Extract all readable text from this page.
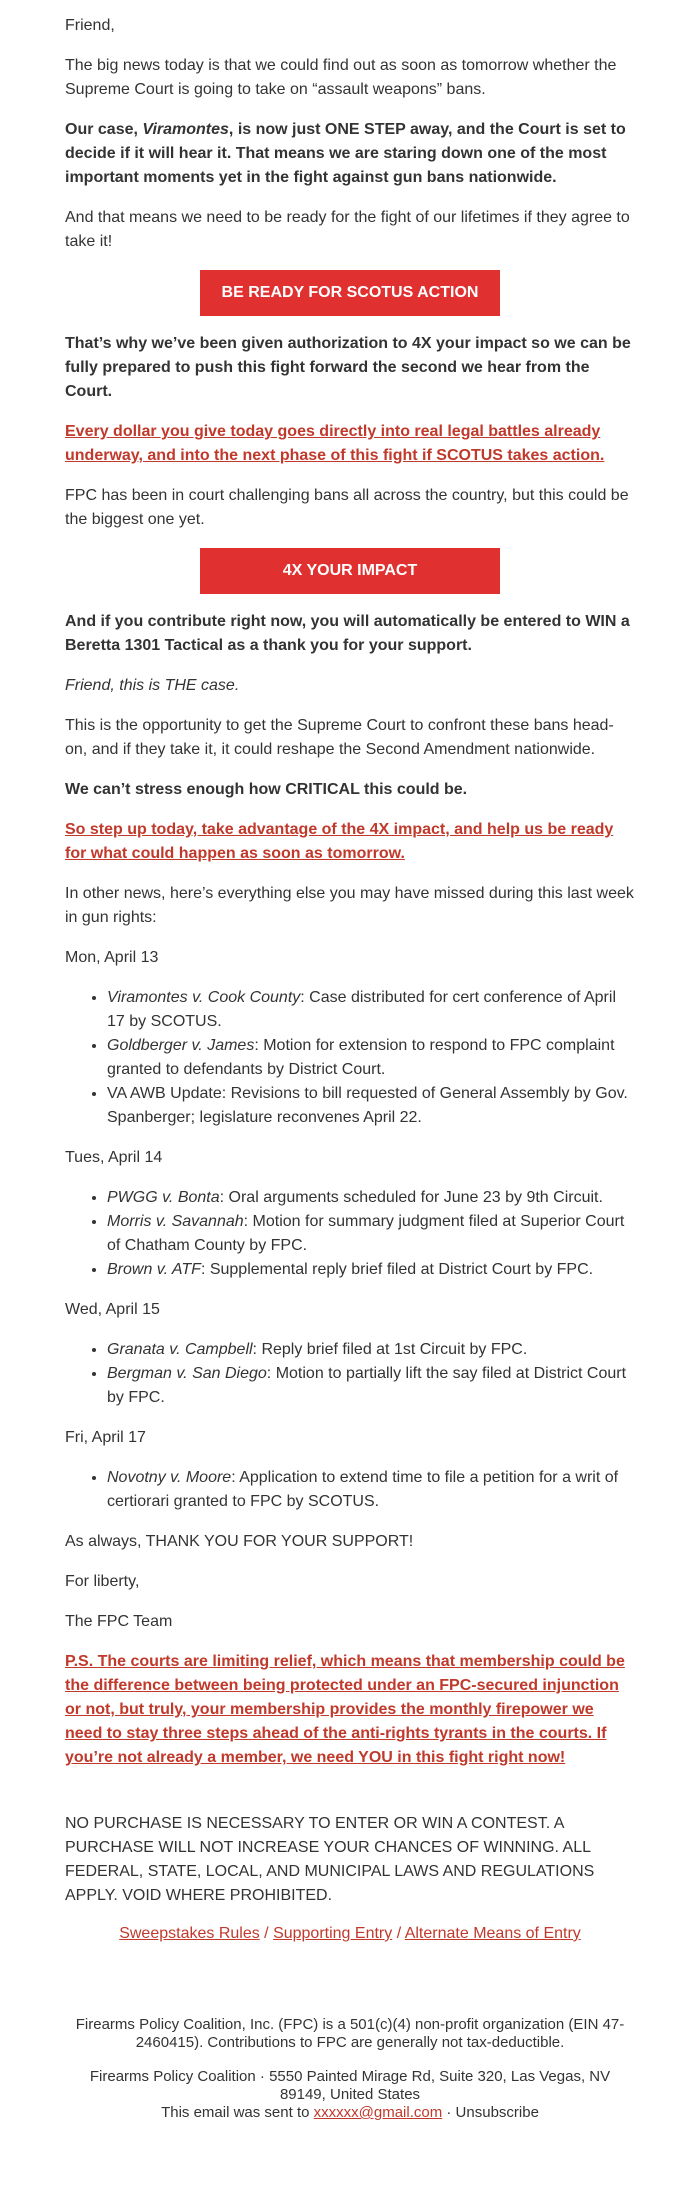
Friend,

The big news today is that we could find out as soon as tomorrow whether the Supreme Court is going to take on “assault weapons” bans.

Our case, Viramontes, is now just ONE STEP away, and the Court is set to decide if it will hear it. That means we are staring down one of the most important moments yet in the fight against gun bans nationwide.

And that means we need to be ready for the fight of our lifetimes if they agree to take it!

BE READY FOR SCOTUS ACTION

That’s why we’ve been given authorization to 4X your impact so we can be fully prepared to push this fight forward the second we hear from the Court.

Every dollar you give today goes directly into real legal battles already underway, and into the next phase of this fight if SCOTUS takes action.

FPC has been in court challenging bans all across the country, but this could be the biggest one yet.

4X YOUR IMPACT

And if you contribute right now, you will automatically be entered to WIN a Beretta 1301 Tactical as a thank you for your support.

Friend, this is THE case.

This is the opportunity to get the Supreme Court to confront these bans head-on, and if they take it, it could reshape the Second Amendment nationwide.

We can’t stress enough how CRITICAL this could be.

So step up today, take advantage of the 4X impact, and help us be ready for what could happen as soon as tomorrow.

In other news, here’s everything else you may have missed during this last week in gun rights:

Mon, April 13

• Viramontes v. Cook County: Case distributed for cert conference of April 17 by SCOTUS.
• Goldberger v. James: Motion for extension to respond to FPC complaint granted to defendants by District Court.
• VA AWB Update: Revisions to bill requested of General Assembly by Gov. Spanberger; legislature reconvenes April 22.

Tues, April 14

• PWGG v. Bonta: Oral arguments scheduled for June 23 by 9th Circuit.
• Morris v. Savannah: Motion for summary judgment filed at Superior Court of Chatham County by FPC.
• Brown v. ATF: Supplemental reply brief filed at District Court by FPC.

Wed, April 15

• Granata v. Campbell: Reply brief filed at 1st Circuit by FPC.
• Bergman v. San Diego: Motion to partially lift the say filed at District Court by FPC.

Fri, April 17

• Novotny v. Moore: Application to extend time to file a petition for a writ of certiorari granted to FPC by SCOTUS.

As always, THANK YOU FOR YOUR SUPPORT!

For liberty,

The FPC Team

P.S. The courts are limiting relief, which means that membership could be the difference between being protected under an FPC-secured injunction or not, but truly, your membership provides the monthly firepower we need to stay three steps ahead of the anti-rights tyrants in the courts. If you’re not already a member, we need YOU in this fight right now!

NO PURCHASE IS NECESSARY TO ENTER OR WIN A CONTEST. A PURCHASE WILL NOT INCREASE YOUR CHANCES OF WINNING. ALL FEDERAL, STATE, LOCAL, AND MUNICIPAL LAWS AND REGULATIONS APPLY. VOID WHERE PROHIBITED.

Sweepstakes Rules / Supporting Entry / Alternate Means of Entry

Firearms Policy Coalition, Inc. (FPC) is a 501(c)(4) non-profit organization (EIN 47-2460415). Contributions to FPC are generally not tax-deductible.

Firearms Policy Coalition · 5550 Painted Mirage Rd, Suite 320, Las Vegas, NV 89149, United States
This email was sent to xxxxxx@gmail.com · Unsubscribe
